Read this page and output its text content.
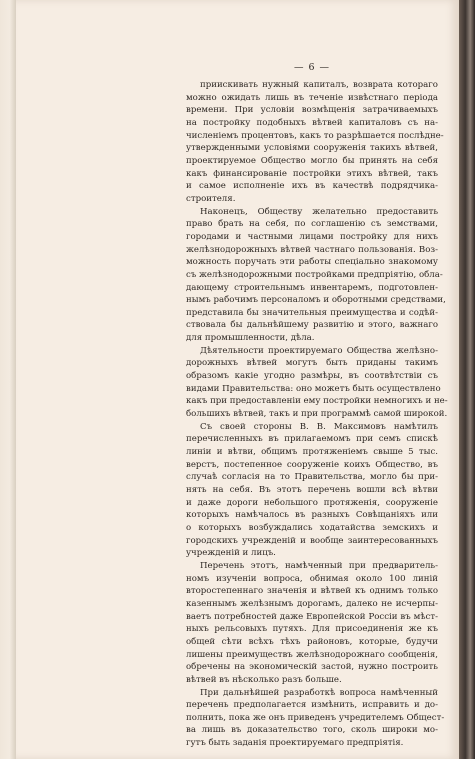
— 6 —
приискивать нужный капиталъ, возврата котораго
можно ожидать лишь въ теченіе извѣстнаго періода
времени. При условіи возмѣщенія затрачиваемыхъ
на постройку подобныхъ вѣтвей капиталовъ съ на-
численіемъ процентовъ, какъ то разрѣшается послѣдне-
утвержденными условіями сооруженія такихъ вѣтвей,
проектируемое Общество могло бы принять на себя
какъ финансированіе постройки этихъ вѣтвей, такъ
и самое исполненіе ихъ въ качествѣ подрядчика-
строителя.
Наконецъ, Обществу желательно предоставить
право брать на себя, по соглашенію съ земствами,
городами и частными лицами постройку для нихъ
желѣзнодорожныхъ вѣтвей частнаго пользованія. Воз-
можность поручать эти работы спеціально знакомому
съ желѣзнодорожными постройками предпріятію, обла-
дающему строительнымъ инвентаремъ, подготовлен-
нымъ рабочимъ персоналомъ и оборотными средствами,
представила бы значительныя преимущества и содѣй-
ствовала бы дальнѣйшему развитію и этого, важнаго
для промышленности, дѣла.
Дѣятельности проектируемаго Общества желѣзно-
дорожныхъ вѣтвей могутъ быть приданы такимъ
образомъ какіе угодно размѣры, въ соотвѣтствіи съ
видами Правительства: оно можетъ быть осуществлено
какъ при предоставленіи ему постройки немногихъ и не-
большихъ вѣтвей, такъ и при программѣ самой широкой.
Съ своей стороны В. В. Максимовъ намѣтилъ
перечисленныхъ въ прилагаемомъ при семъ спискѣ
линіи и вѣтви, общимъ протяженіемъ свыше 5 тыс.
верстъ, постепенное сооруженіе коихъ Общество, въ
случаѣ согласія на то Правительства, могло бы при-
нять на себя. Въ этотъ перечень вошли всѣ вѣтви
и даже дороги небольшого протяженія, сооруженіе
которыхъ намѣчалось въ разныхъ Совѣщаніяхъ или
о которыхъ возбуждались ходатайства земскихъ и
городскихъ учрежденій и вообще заинтересованныхъ
учрежденій и лицъ.
Перечень этотъ, намѣченный при предваритель-
номъ изученіи вопроса, обнимая около 100 линій
второстепеннаго значенія и вѣтвей къ однимъ только
казеннымъ желѣзнымъ дорогамъ, далеко не исчерпы-
ваетъ потребностей даже Европейской Россіи въ мѣст-
ныхъ рельсовыхъ путяхъ. Для присоединенія же къ
общей сѣти всѣхъ тѣхъ районовъ, которые, будучи
лишены преимуществъ желѣзнодорожнаго сообщенія,
обречены на экономическій застой, нужно построить
вѣтвей въ нѣсколько разъ больше.
При дальнѣйшей разработкѣ вопроса намѣченный
перечень предполагается измѣнить, исправить и до-
полнить, пока же онъ приведенъ учредителемъ Общест-
ва лишь въ доказательство того, сколь широки мо-
гутъ быть заданія проектируемаго предпріятія.
